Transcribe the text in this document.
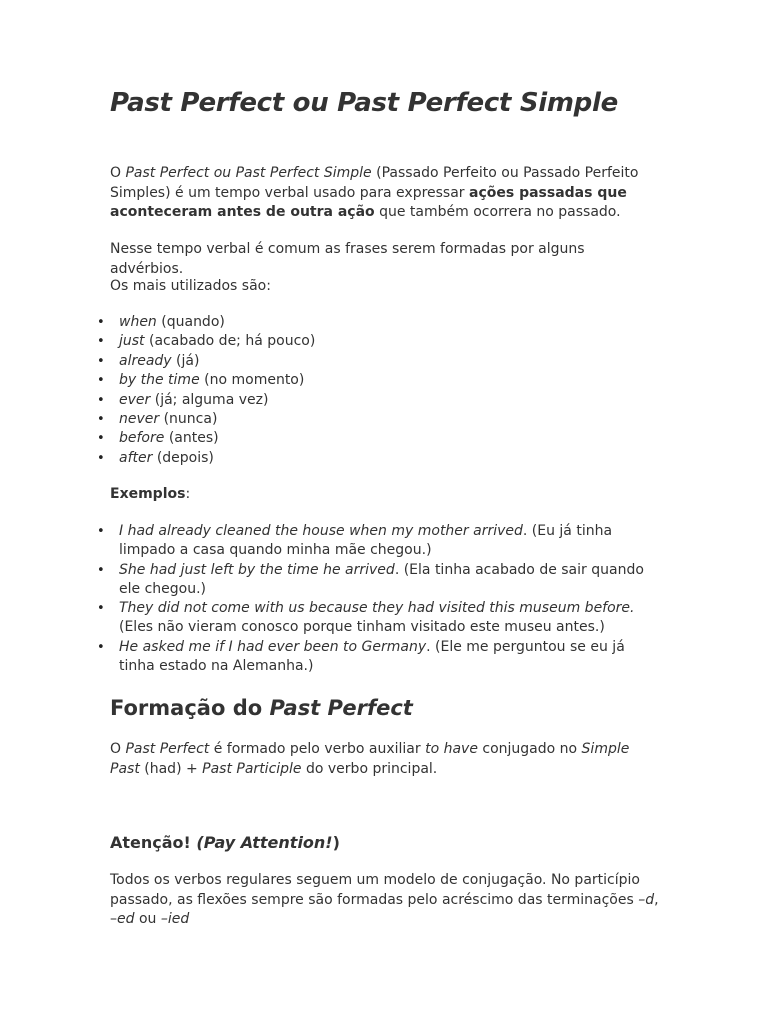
Past Perfect ou Past Perfect Simple

O Past Perfect ou Past Perfect Simple (Passado Perfeito ou Passado Perfeito Simples) é um tempo verbal usado para expressar ações passadas que aconteceram antes de outra ação que também ocorrera no passado.

Nesse tempo verbal é comum as frases serem formadas por alguns advérbios.

Os mais utilizados são:

• when (quando)
• just (acabado de; há pouco)
• already (já)
• by the time (no momento)
• ever (já; alguma vez)
• never (nunca)
• before (antes)
• after (depois)

Exemplos:

• I had already cleaned the house when my mother arrived. (Eu já tinha limpado a casa quando minha mãe chegou.)
• She had just left by the time he arrived. (Ela tinha acabado de sair quando ele chegou.)
• They did not come with us because they had visited this museum before. (Eles não vieram conosco porque tinham visitado este museu antes.)
• He asked me if I had ever been to Germany. (Ele me perguntou se eu já tinha estado na Alemanha.)
Formação do Past Perfect

O Past Perfect é formado pelo verbo auxiliar to have conjugado no Simple Past (had) + Past Participle do verbo principal.

Atenção! (Pay Attention!)

Todos os verbos regulares seguem um modelo de conjugação. No particípio passado, as flexões sempre são formadas pelo acréscimo das terminações –d, –ed ou –ied
